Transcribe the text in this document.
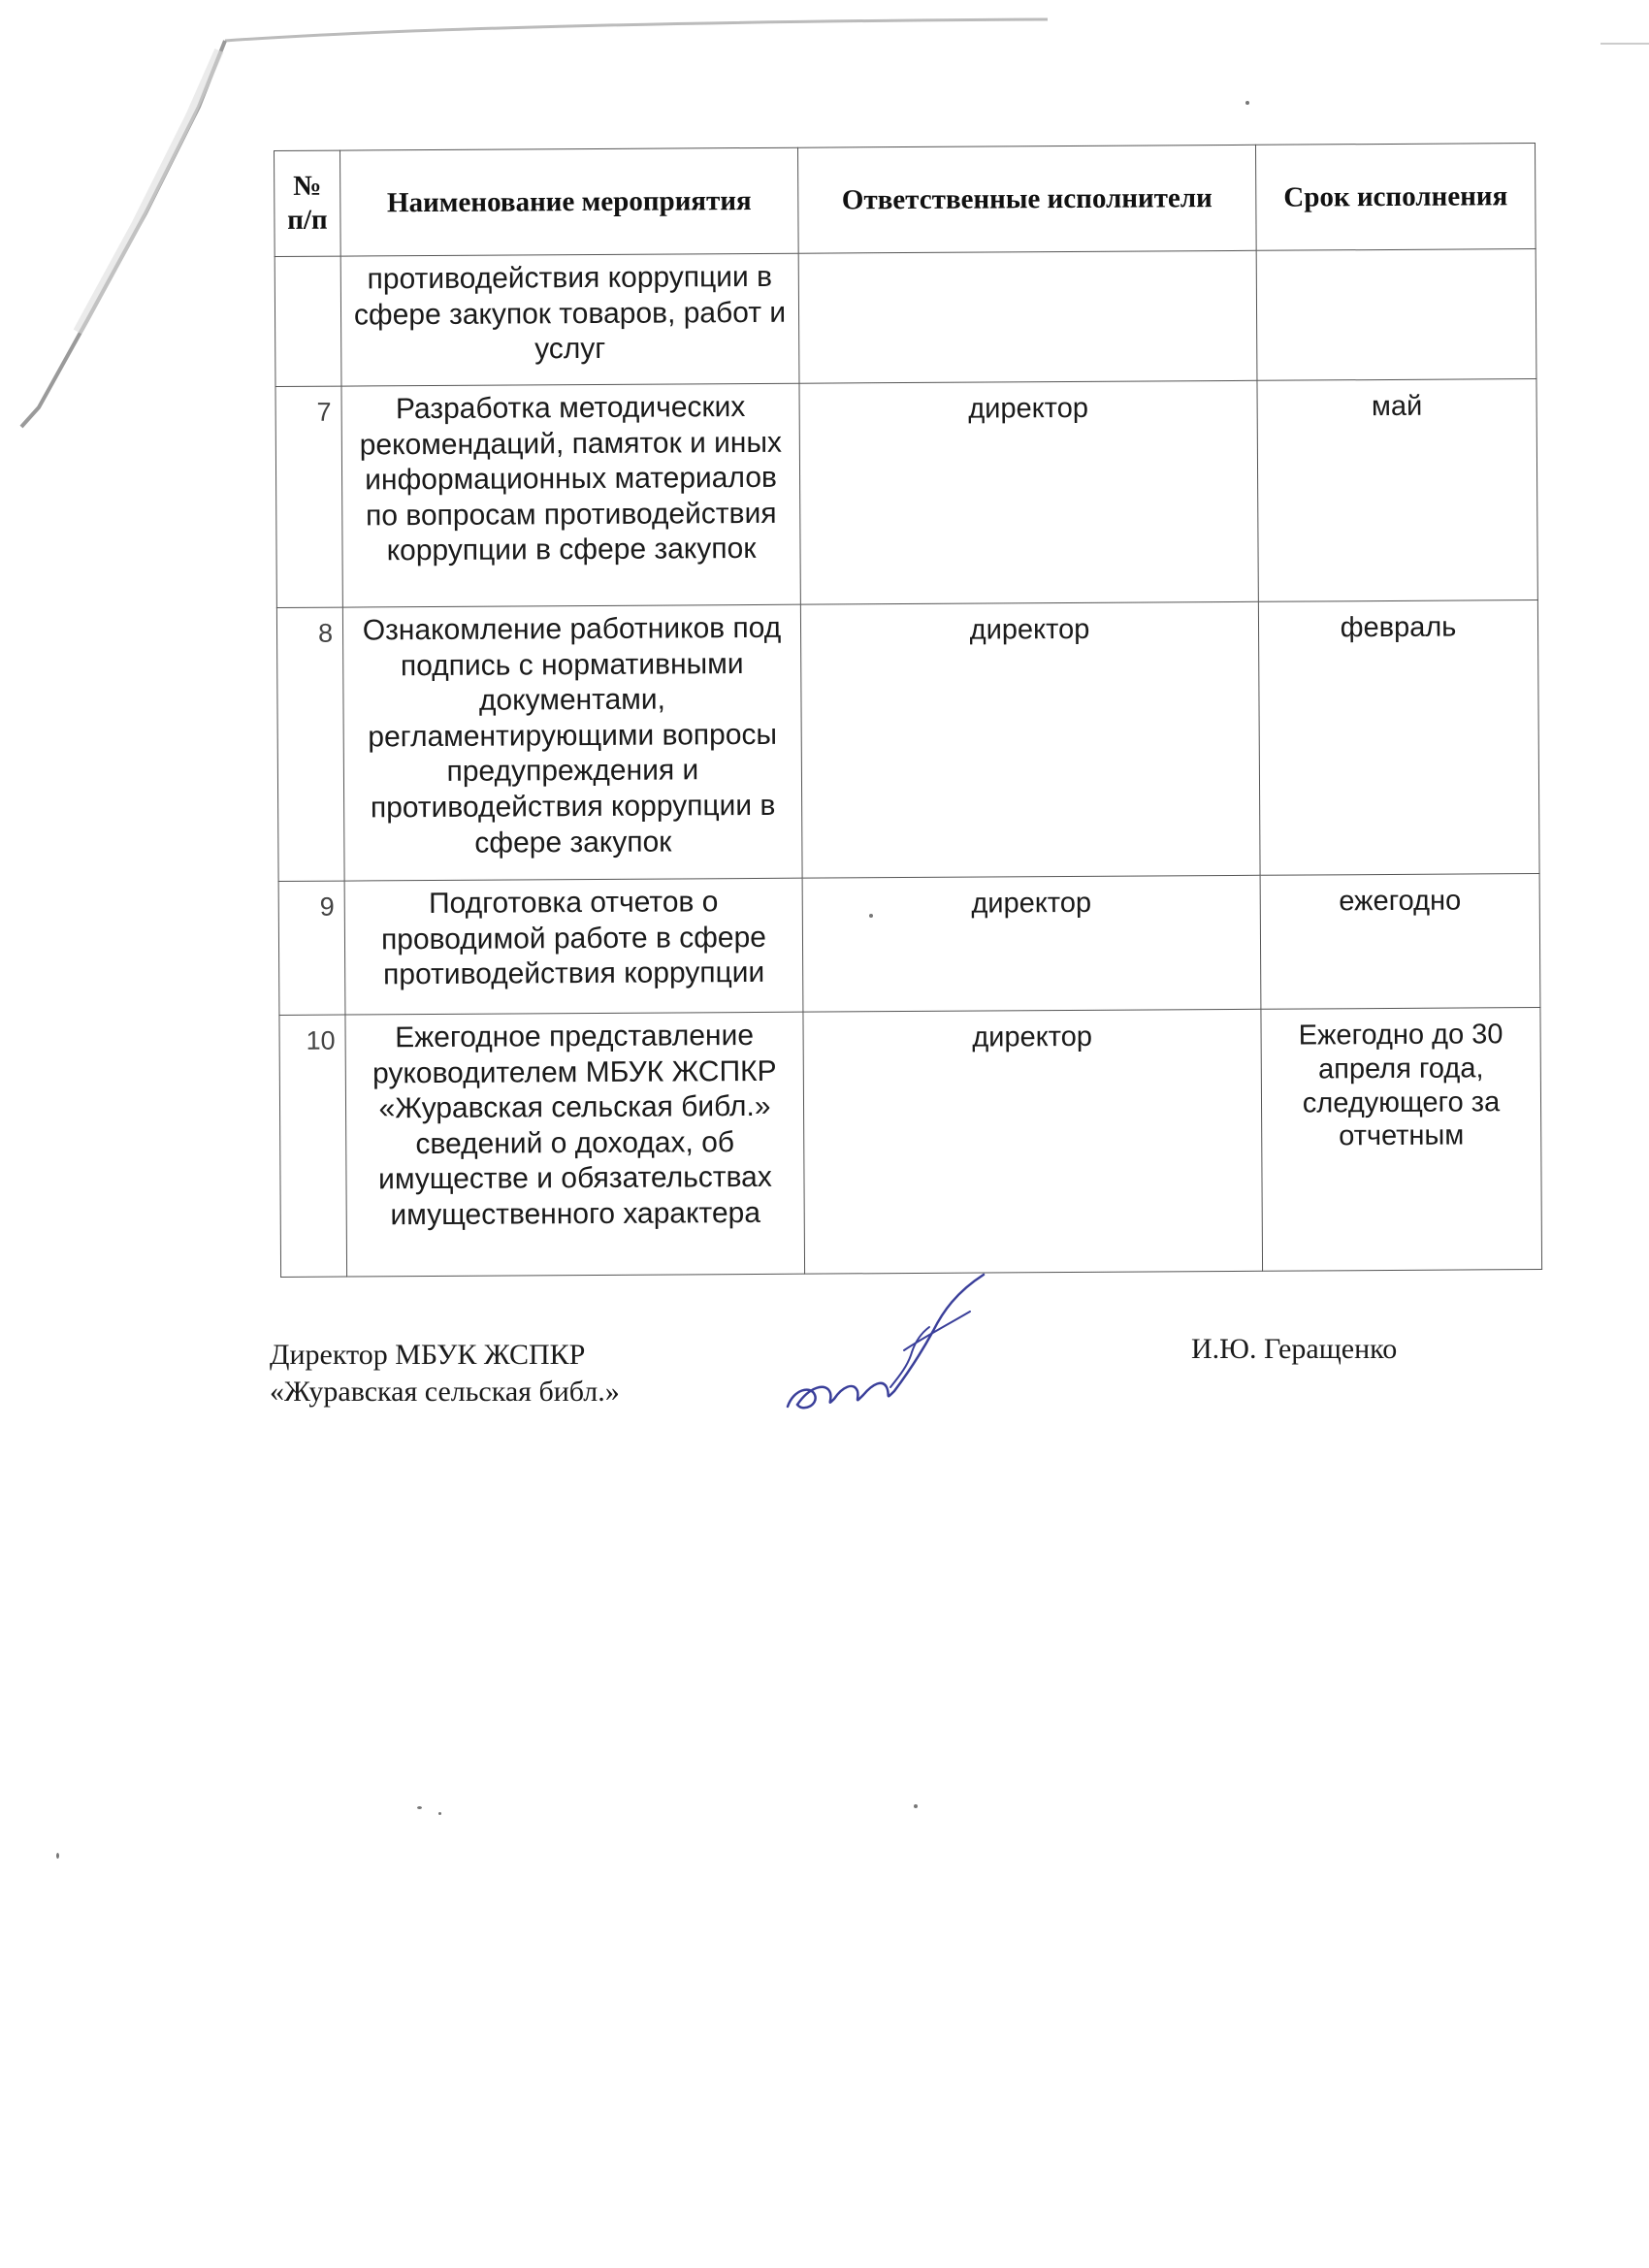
№ п/п	Наименование мероприятия	Ответственные исполнители	Срок исполнения
	противодействия коррупции в сфере закупок товаров, работ и услуг		
7	Разработка методических рекомендаций, памяток и иных информационных материалов по вопросам противодействия коррупции в сфере закупок	директор	май
8	Ознакомление работников под подпись с нормативными документами, регламентирующими вопросы предупреждения и противодействия коррупции в сфере закупок	директор	февраль
9	Подготовка отчетов о проводимой работе в сфере противодействия коррупции	директор	ежегодно
10	Ежегодное представление руководителем МБУК ЖСПКР «Журавская сельская библ.» сведений о доходах, об имуществе и обязательствах имущественного характера	директор	Ежегодно до 30 апреля года, следующего за отчетным
Директор МБУК ЖСПКР
«Журавская сельская библ.»
И.Ю. Геращенко
